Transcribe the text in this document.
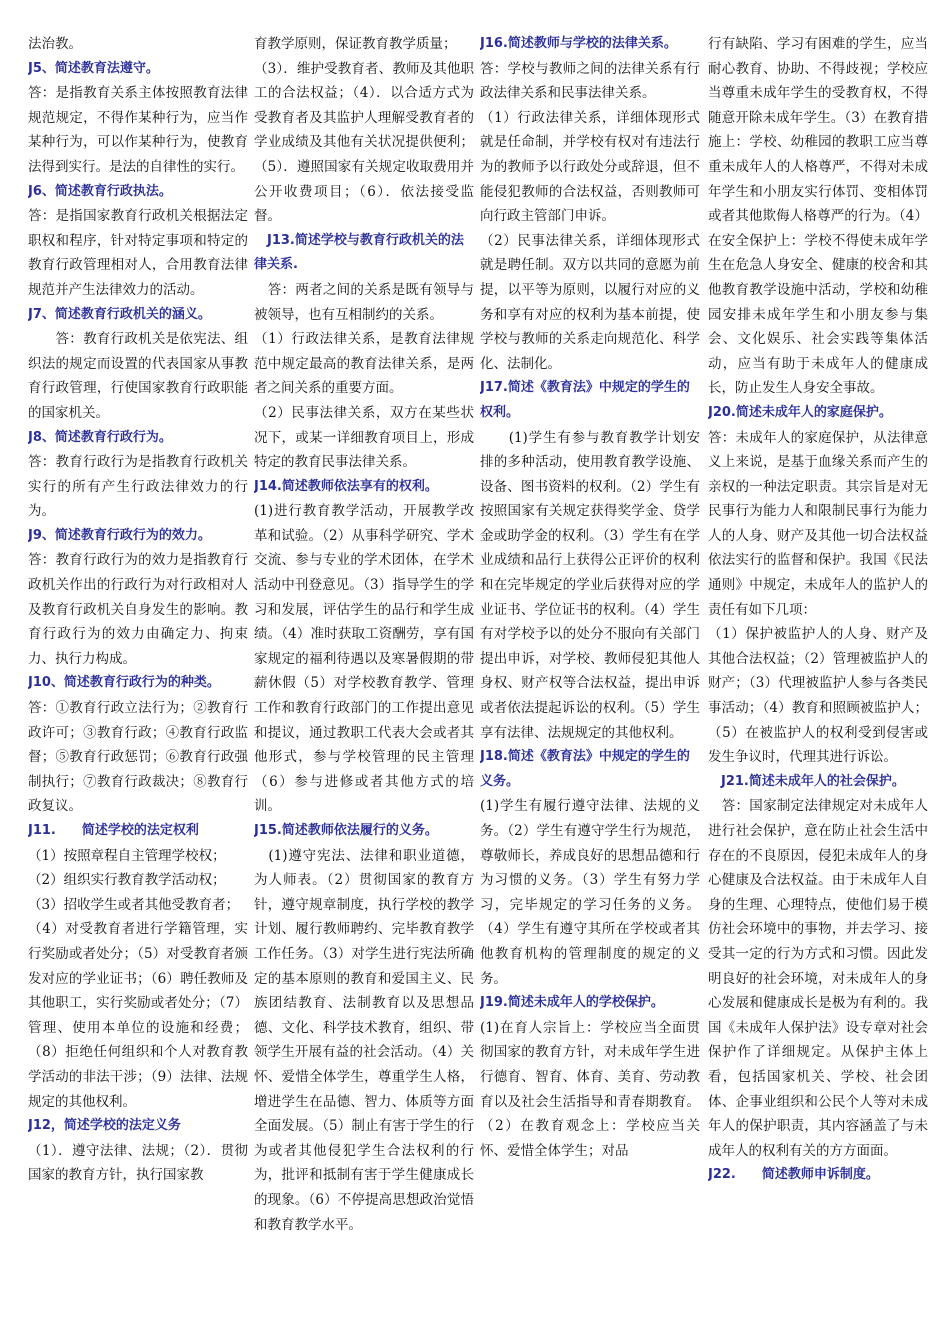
法治教。

J5、简述教育法遵守。

答：是指教育关系主体按照教育法律规范规定，不得作某种行为，应当作某种行为，可以作某种行为，使教育法得到实行。是法的自律性的实行。

J6、简述教育行政执法。

答：是指国家教育行政机关根据法定职权和程序，针对特定事项和特定的教育行政管理相对人，合用教育法律规范并产生法律效力的活动。

J7、简述教育行政机关的涵义。

　　答：教育行政机关是依宪法、组织法的规定而设置的代表国家从事教育行政管理，行使国家教育行政职能的国家机关。

J8、简述教育行政行为。

答：教育行政行为是指教育行政机关实行的所有产生行政法律效力的行为。

J9、简述教育行政行为的效力。

答：教育行政行为的效力是指教育行政机关作出的行政行为对行政相对人及教育行政机关自身发生的影响。教育行政行为的效力由确定力、拘束力、执行力构成。

J10、简述教育行政行为的种类。

答：①教育行政立法行为；②教育行政许可；③教育行政；④教育行政监督；⑤教育行政惩罚；⑥教育行政强制执行；⑦教育行政裁决；⑧教育行政复议。

J11.　　简述学校的法定权利

（1）按照章程自主管理学校权；

（2）组织实行教育教学活动权；

（3）招收学生或者其他受教育者；

（4）对受教育者进行学籍管理，实行奖励或者处分；（5）对受教育者颁发对应的学业证书；（6）聘任教师及其他职工，实行奖励或者处分；（7）管理、使用本单位的设施和经费；（8）拒绝任何组织和个人对教育教学活动的非法干涉；（9）法律、法规规定的其他权利。

J12，简述学校的法定义务

（1）．遵守法律、法规；（2）．贯彻国家的教育方针，执行国家教

育教学原则，保证教育教学质量；

（3）．维护受教育者、教师及其他职工的合法权益；（4）．以合适方式为受教育者及其监护人理解受教育者的学业成绩及其他有关状况提供便利；（5）．遵照国家有关规定收取费用并公开收费项目；（6）．依法接受监督。

　J13.简述学校与教育行政机关的法律关系.

　答：两者之间的关系是既有领导与被领导，也有互相制约的关系。

（1）行政法律关系，是教育法律规范中规定最高的教育法律关系，是两者之间关系的重要方面。

（2）民事法律关系，双方在某些状况下，或某一详细教育项目上，形成特定的教育民事法律关系。

J14.简述教师依法享有的权利。

(1)进行教育教学活动，开展教学改革和试验。（2）从事科学研究、学术交流、参与专业的学术团体，在学术活动中刊登意见。（3）指导学生的学习和发展，评估学生的品行和学生成绩。（4）准时获取工资酬劳，享有国家规定的福利待遇以及寒暑假期的带薪休假（5）对学校教育教学、管理工作和教育行政部门的工作提出意见和提议，通过教职工代表大会或者其他形式，参与学校管理的民主管理（6）参与进修或者其他方式的培训。

J15.简述教师依法履行的义务。

　(1)遵守宪法、法律和职业道德，为人师表。（2）贯彻国家的教育方针，遵守规章制度，执行学校的教学计划、履行教师聘约、完毕教育教学工作任务。（3）对学生进行宪法所确定的基本原则的教育和爱国主义、民族团结教育、法制教育以及思想品德、文化、科学技术教育，组织、带领学生开展有益的社会活动。（4）关怀、爱惜全体学生，尊重学生人格，增进学生在品德、智力、体质等方面全面发展。（5）制止有害于学生的行为或者其他侵犯学生合法权利的行为，批评和抵制有害于学生健康成长的现象。（6）不停提高思想政治觉悟和教育教学水平。

J16.简述教师与学校的法律关系。

答：学校与教师之间的法律关系有行政法律关系和民事法律关系。

（1）行政法律关系，详细体现形式就是任命制，并学校有权对有违法行为的教师予以行政处分或辞退，但不能侵犯教师的合法权益，否则教师可向行政主管部门申诉。

（2）民事法律关系，详细体现形式就是聘任制。双方以共同的意愿为前提，以平等为原则，以履行对应的义务和享有对应的权利为基本前提，使学校与教师的关系走向规范化、科学化、法制化。

J17.简述《教育法》中规定的学生的权利。

　　(1)学生有参与教育教学计划安排的多种活动，使用教育教学设施、设备、图书资料的权利。（2）学生有按照国家有关规定获得奖学金、贷学金或助学金的权利。（3）学生有在学业成绩和品行上获得公正评价的权利和在完毕规定的学业后获得对应的学业证书、学位证书的权利。（4）学生有对学校予以的处分不服向有关部门提出申诉，对学校、教师侵犯其他人身权、财产权等合法权益，提出申诉或者依法提起诉讼的权利。（5）学生享有法律、法规规定的其他权利。

J18.简述《教育法》中规定的学生的义务。

(1)学生有履行遵守法律、法规的义务。（2）学生有遵守学生行为规范，尊敬师长，养成良好的思想品德和行为习惯的义务。（3）学生有努力学习，完毕规定的学习任务的义务。（4）学生有遵守其所在学校或者其他教育机构的管理制度的规定的义务。

J19.简述未成年人的学校保护。

(1)在育人宗旨上：学校应当全面贯彻国家的教育方针，对未成年学生进行德育、智育、体育、美育、劳动教育以及社会生活指导和青春期教育。（2）在教育观念上：学校应当关怀、爱惜全体学生；对品

行有缺陷、学习有困难的学生，应当耐心教育、协助、不得歧视；学校应当尊重未成年学生的受教育权，不得随意开除未成年学生。（3）在教育措施上：学校、幼稚园的教职工应当尊重未成年人的人格尊严，不得对未成年学生和小朋友实行体罚、变相体罚或者其他欺侮人格尊严的行为。（4）在安全保护上：学校不得使未成年学生在危急人身安全、健康的校舍和其他教育教学设施中活动，学校和幼稚园安排未成年学生和小朋友参与集会、文化娱乐、社会实践等集体活动，应当有助于未成年人的健康成长，防止发生人身安全事故。

J20.简述未成年人的家庭保护。

答：未成年人的家庭保护，从法律意义上来说，是基于血缘关系而产生的亲权的一种法定职责。其宗旨是对无民事行为能力人和限制民事行为能力人的人身、财产及其他一切合法权益依法实行的监督和保护。我国《民法通则》中规定，未成年人的监护人的责任有如下几项：

（1）保护被监护人的人身、财产及其他合法权益；（2）管理被监护人的财产；（3）代理被监护人参与各类民事活动；（4）教育和照顾被监护人；（5）在被监护人的权利受到侵害或发生争议时，代理其进行诉讼。

　J21.简述未成年人的社会保护。

　答：国家制定法律规定对未成年人进行社会保护，意在防止社会生活中存在的不良原因，侵犯未成年人的身心健康及合法权益。由于未成年人自身的生理、心理特点，使他们易于模仿社会环境中的事物，并去学习、接受其一定的行为方式和习惯。因此发明良好的社会环境，对未成年人的身心发展和健康成长是极为有利的。我国《未成年人保护法》设专章对社会保护作了详细规定。从保护主体上看，包括国家机关、学校、社会团体、企事业组织和公民个人等对未成年人的保护职责，其内容涵盖了与未成年人的权利有关的方方面面。

J22.　　简述教师申诉制度。
